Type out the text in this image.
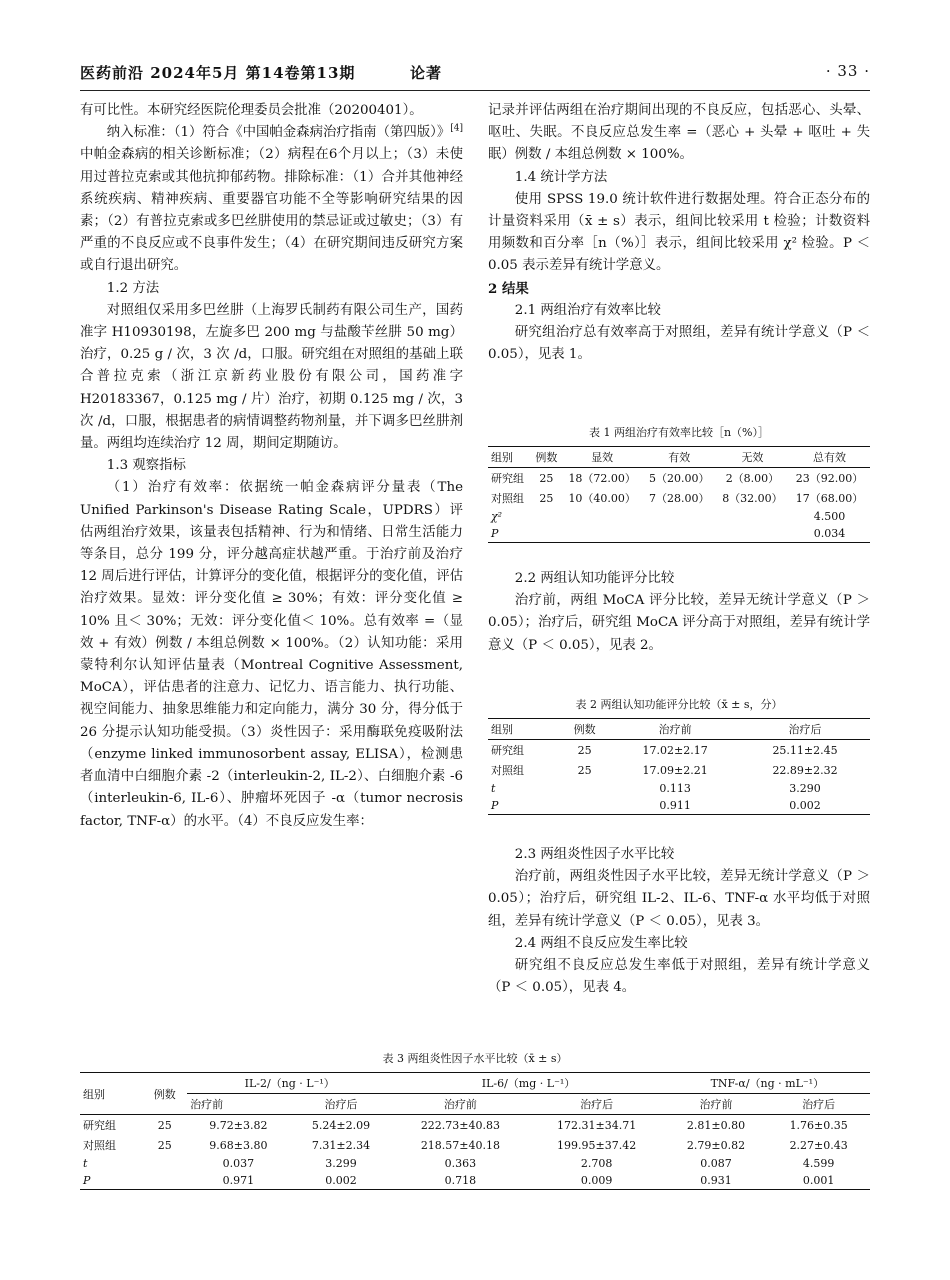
医药前沿 2024年5月 第14卷第13期	论著	· 33 ·

有可比性。本研究经医院伦理委员会批准（20200401）。

纳入标准：（1）符合《中国帕金森病治疗指南（第四版）》[4] 中帕金森病的相关诊断标准；（2）病程在6个月以上；（3）未使用过普拉克索或其他抗抑郁药物。排除标准：（1）合并其他神经系统疾病、精神疾病、重要器官功能不全等影响研究结果的因素；（2）有普拉克索或多巴丝肼使用的禁忌证或过敏史；（3）有严重的不良反应或不良事件发生；（4）在研究期间违反研究方案或自行退出研究。

1.2 方法

对照组仅采用多巴丝肼（上海罗氏制药有限公司生产，国药准字 H10930198，左旋多巴 200 mg 与盐酸苄丝肼 50 mg）治疗，0.25 g / 次，3 次 /d，口服。研究组在对照组的基础上联合普拉克索（浙江京新药业股份有限公司，国药准字 H20183367，0.125 mg / 片）治疗，初期 0.125 mg / 次，3 次 /d，口服，根据患者的病情调整药物剂量，并下调多巴丝肼剂量。两组均连续治疗 12 周，期间定期随访。

1.3 观察指标

（1）治疗有效率：依据统一帕金森病评分量表（The Unified Parkinson's Disease Rating Scale，UPDRS）评估两组治疗效果，该量表包括精神、行为和情绪、日常生活能力等条目，总分 199 分，评分越高症状越严重。于治疗前及治疗 12 周后进行评估，计算评分的变化值，根据评分的变化值，评估治疗效果。显效：评分变化值 ≥ 30%；有效：评分变化值 ≥ 10% 且＜ 30%；无效：评分变化值＜ 10%。总有效率 =（显效 + 有效）例数 / 本组总例数 × 100%。（2）认知功能：采用蒙特利尔认知评估量表（Montreal Cognitive Assessment, MoCA），评估患者的注意力、记忆力、语言能力、执行功能、视空间能力、抽象思维能力和定向能力，满分 30 分，得分低于 26 分提示认知功能受损。（3）炎性因子：采用酶联免疫吸附法（enzyme linked immunosorbent assay, ELISA），检测患者血清中白细胞介素 -2（interleukin-2, IL-2）、白细胞介素 -6（interleukin-6, IL-6）、肿瘤坏死因子 -α（tumor necrosis factor, TNF-α）的水平。（4）不良反应发生率：

记录并评估两组在治疗期间出现的不良反应，包括恶心、头晕、呕吐、失眠。不良反应总发生率 =（恶心 + 头晕 + 呕吐 + 失眠）例数 / 本组总例数 × 100%。

1.4 统计学方法

使用 SPSS 19.0 统计软件进行数据处理。符合正态分布的计量资料采用（x̄ ± s）表示，组间比较采用 t 检验；计数资料用频数和百分率［n（%）］表示，组间比较采用 χ² 检验。P ＜ 0.05 表示差异有统计学意义。

2 结果

2.1 两组治疗有效率比较

研究组治疗总有效率高于对照组，差异有统计学意义（P ＜ 0.05），见表 1。

表 1 两组治疗有效率比较［n（%）］
组别	例数	显效	有效	无效	总有效
研究组	25	18（72.00）	5（20.00）	2（8.00）	23（92.00）
对照组	25	10（40.00）	7（28.00）	8（32.00）	17（68.00）
χ²					4.500
P					0.034

2.2 两组认知功能评分比较

治疗前，两组 MoCA 评分比较，差异无统计学意义（P ＞ 0.05）；治疗后，研究组 MoCA 评分高于对照组，差异有统计学意义（P ＜ 0.05），见表 2。

表 2 两组认知功能评分比较（x̄ ± s，分）
组别	例数	治疗前	治疗后
研究组	25	17.02±2.17	25.11±2.45
对照组	25	17.09±2.21	22.89±2.32
t		0.113	3.290
P		0.911	0.002

2.3 两组炎性因子水平比较

治疗前，两组炎性因子水平比较，差异无统计学意义（P ＞ 0.05）；治疗后，研究组 IL-2、IL-6、TNF-α 水平均低于对照组，差异有统计学意义（P ＜ 0.05），见表 3。

2.4 两组不良反应发生率比较

研究组不良反应总发生率低于对照组，差异有统计学意义（P ＜ 0.05），见表 4。

表 3 两组炎性因子水平比较（x̄ ± s）
组别	例数	IL-2/（ng · L⁻¹）		IL-6/（mg · L⁻¹）		TNF-α/（ng · mL⁻¹）	
		治疗前	治疗后	治疗前	治疗后	治疗前	治疗后
研究组	25	9.72±3.82	5.24±2.09	222.73±40.83	172.31±34.71	2.81±0.80	1.76±0.35
对照组	25	9.68±3.80	7.31±2.34	218.57±40.18	199.95±37.42	2.79±0.82	2.27±0.43
t		0.037	3.299	0.363	2.708	0.087	4.599
P		0.971	0.002	0.718	0.009	0.931	0.001
